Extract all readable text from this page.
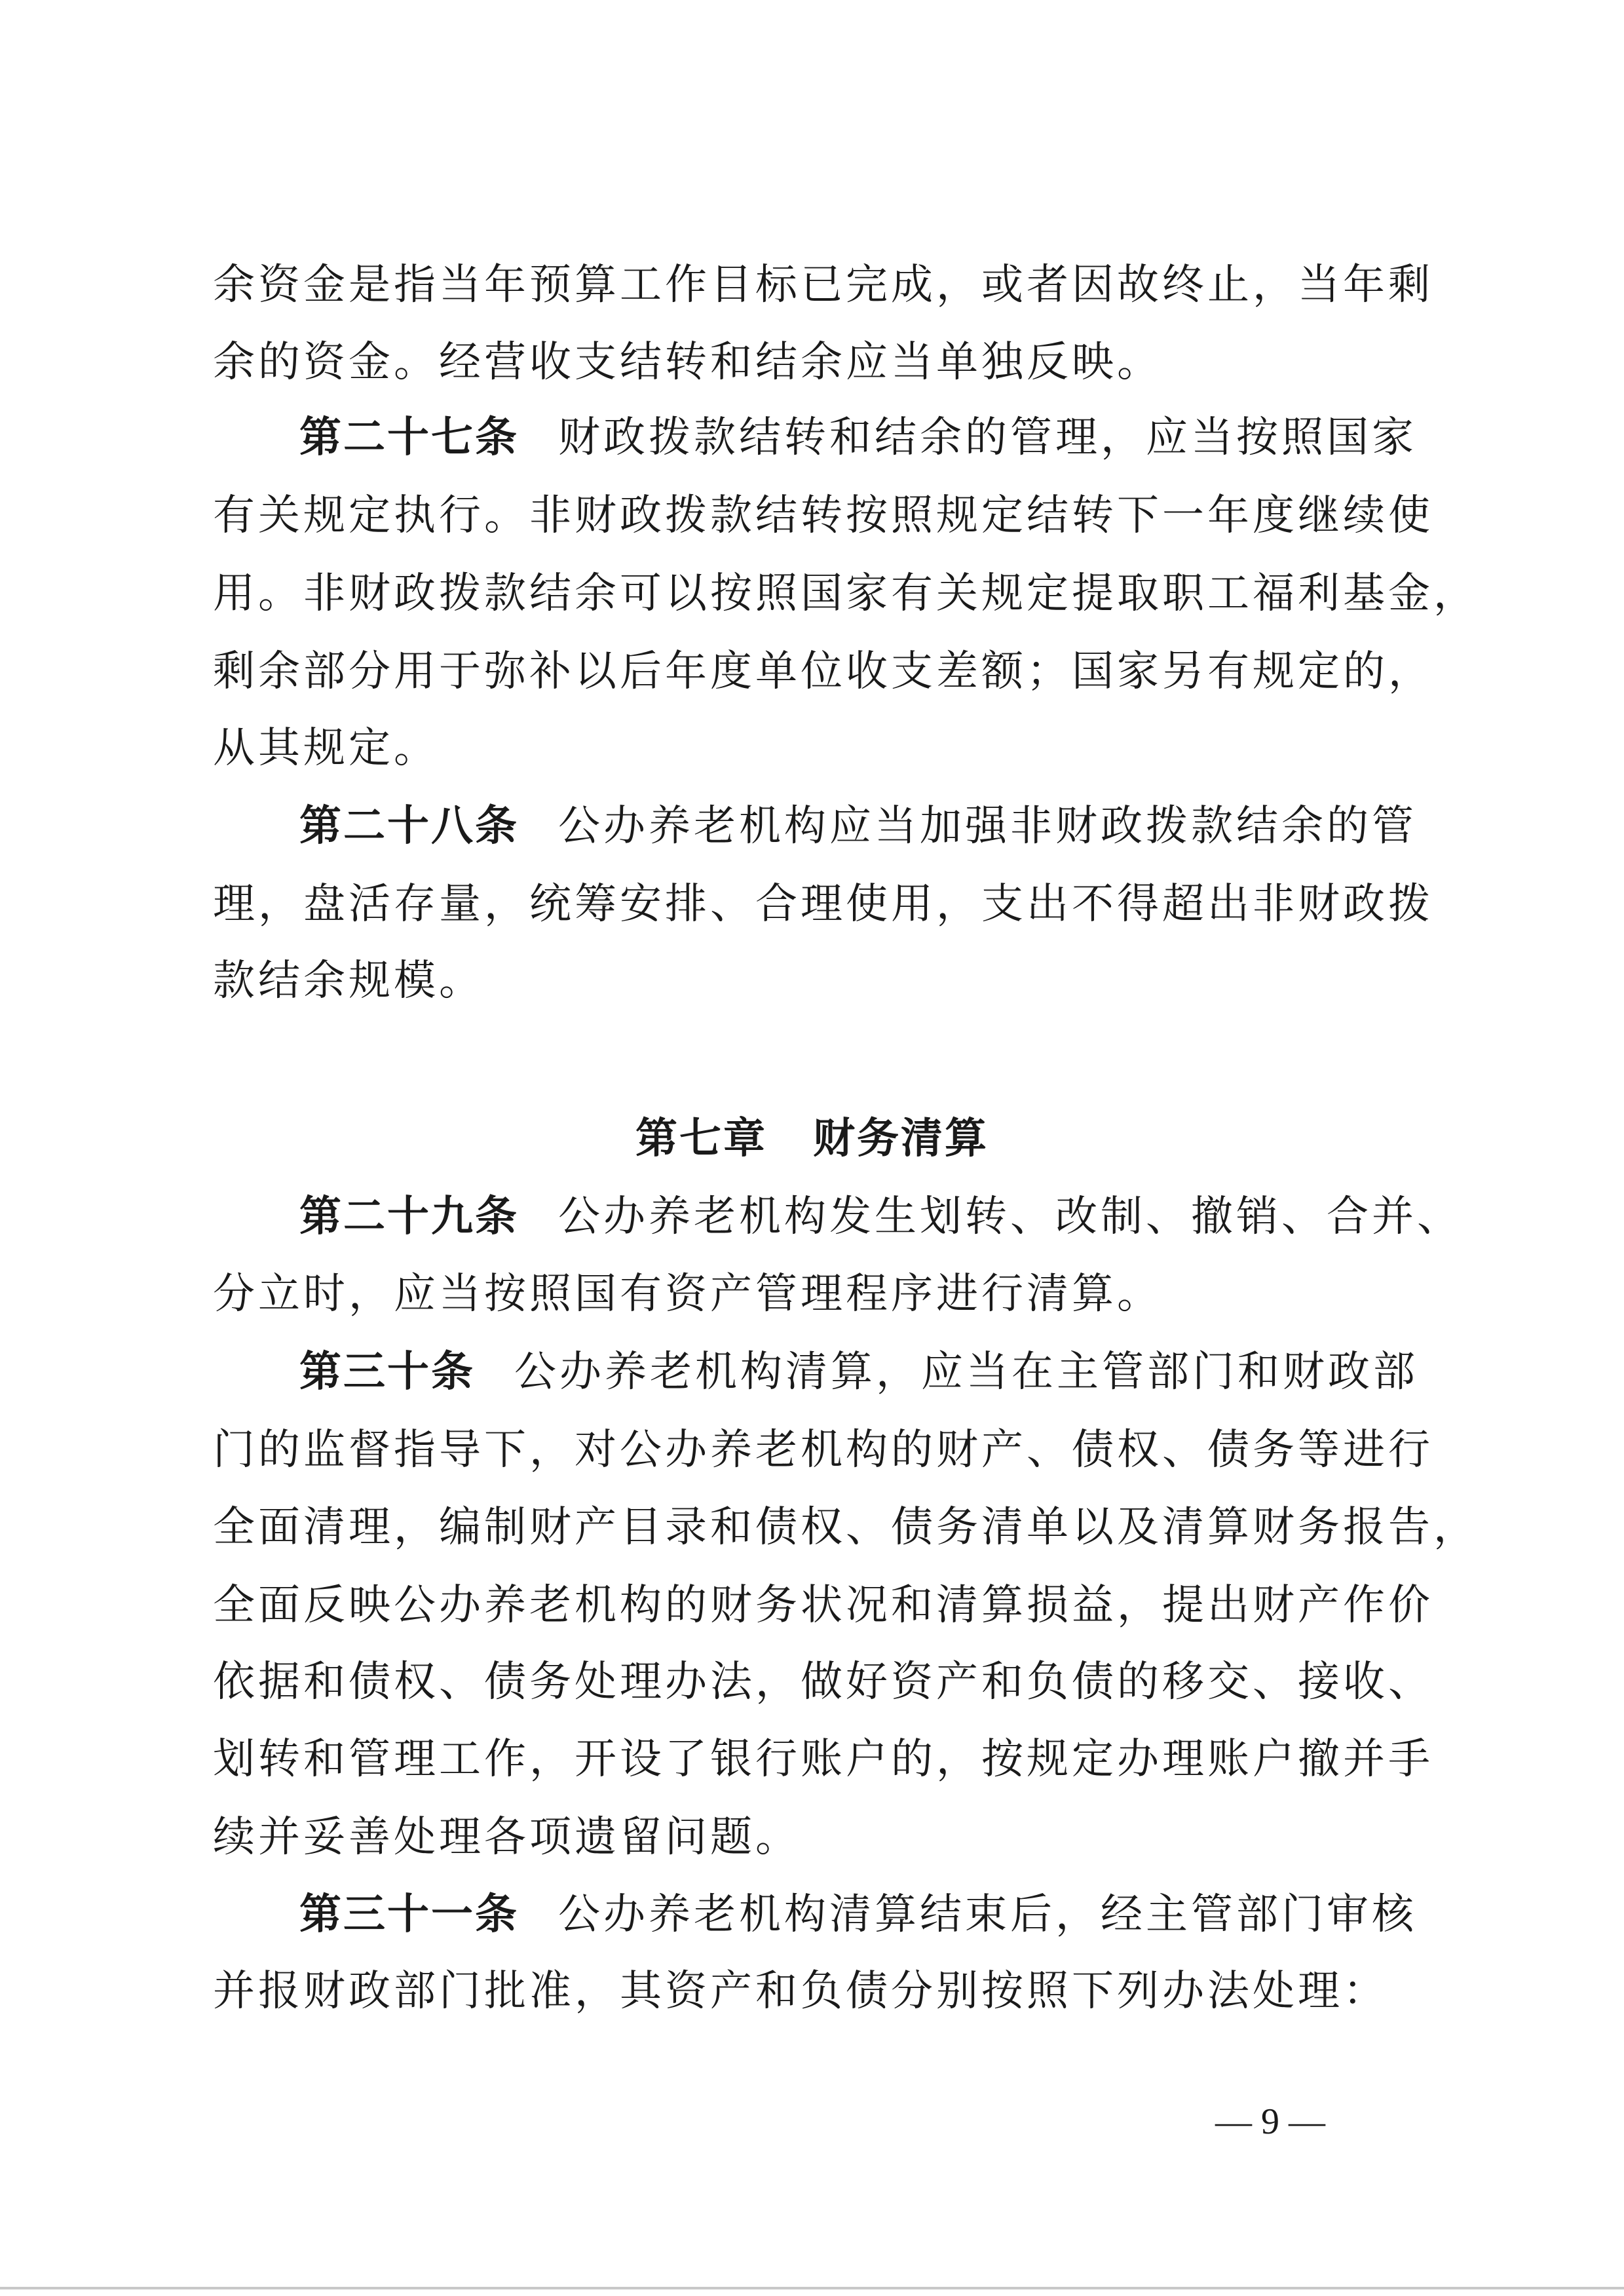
余资金是指当年预算工作目标已完成，或者因故终止，当年剩
余的资金。经营收支结转和结余应当单独反映。
第二十七条 财政拨款结转和结余的管理，应当按照国家
有关规定执行。非财政拨款结转按照规定结转下一年度继续使
用。非财政拨款结余可以按照国家有关规定提取职工福利基金，
剩余部分用于弥补以后年度单位收支差额；国家另有规定的，
从其规定。
第二十八条 公办养老机构应当加强非财政拨款结余的管
理，盘活存量，统筹安排、合理使用，支出不得超出非财政拨
款结余规模。
第七章 财务清算
第二十九条 公办养老机构发生划转、改制、撤销、合并、
分立时，应当按照国有资产管理程序进行清算。
第三十条 公办养老机构清算，应当在主管部门和财政部
门的监督指导下，对公办养老机构的财产、债权、债务等进行
全面清理，编制财产目录和债权、债务清单以及清算财务报告，
全面反映公办养老机构的财务状况和清算损益，提出财产作价
依据和债权、债务处理办法，做好资产和负债的移交、接收、
划转和管理工作，开设了银行账户的，按规定办理账户撤并手
续并妥善处理各项遗留问题。
第三十一条 公办养老机构清算结束后，经主管部门审核
并报财政部门批准，其资产和负债分别按照下列办法处理：
— 9 —
